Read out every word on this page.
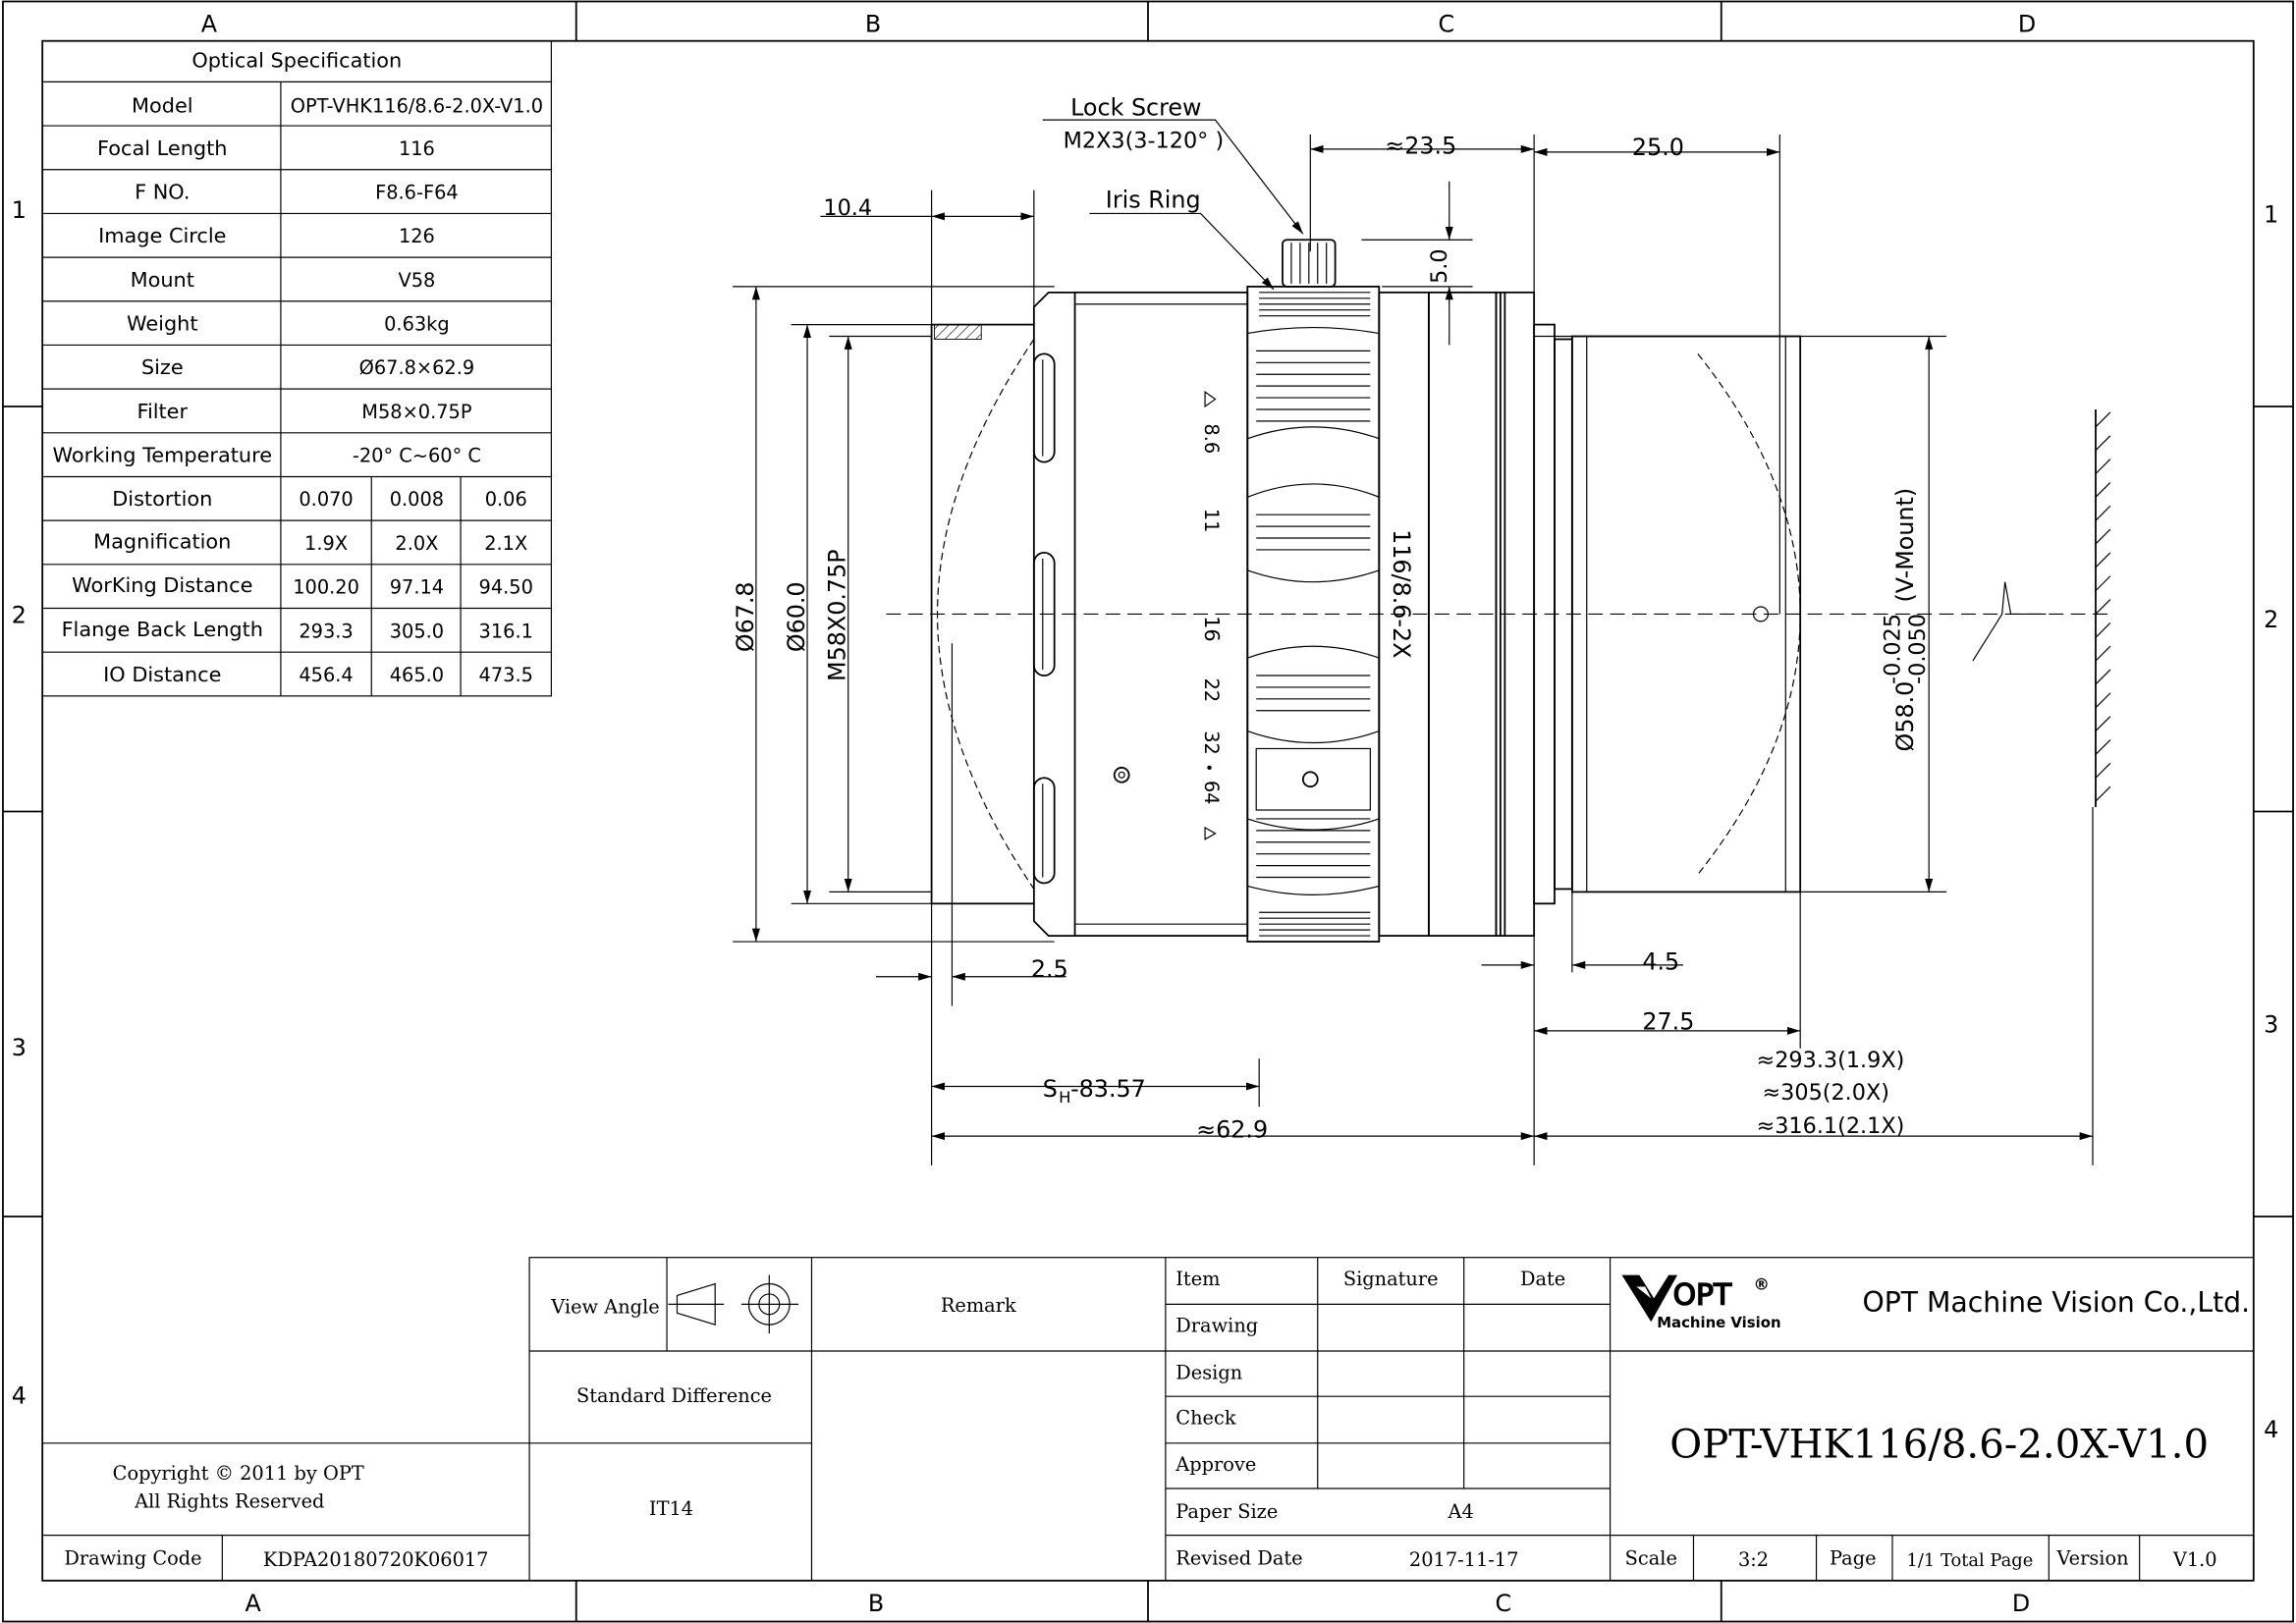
A	B	C	D
A	B	C	D
1
2
3
4
1
2
3
4
Optical Specification
Model	OPT-VHK116/8.6-2.0X-V1.0
Focal Length	116
F NO.	F8.6-F64
Image Circle	126
Mount	V58
Weight	0.63kg
Size	Ø67.8×62.9
Filter	M58×0.75P
Working Temperature	-20° C~60° C
Distortion	0.070	0.008	0.06
Magnification	1.9X	2.0X	2.1X
WorKing Distance	100.20 97.14	94.50
Flange Back Length	293.3	305.0	316.1
IO Distance	456.4	465.0	473.5
8.6
11
16
22
32
64
116/8.6-2X
Lock Screw
M2X3(3-120° )
Iris Ring
10.4
≈23.5	25.0
5.0
Ø67.8 Ø60.0 M58X0.75P
Ø58.0
-0.025 -0.050
(V-Mount)
2.5	4.5
27.5
S H -83.57
≈62.9
≈293.3(1.9X)
≈305(2.0X)
≈316.1(2.1X)
Copyright © 2011 by OPT
All Rights Reserved
Drawing Code	KDPA20180720K06017
View Angle	Remark
Standard Difference
IT14
Item	Signature	Date
Drawing
Design
Check
Approve
Paper Size	A4
Revised Date	2017-11-17
OPT ®
Machine Vision
OPT Machine Vision Co.,Ltd.
OPT-VHK116/8.6-2.0X-V1.0
Scale	3:2	Page	1/1 Total Page Version	V1.0
